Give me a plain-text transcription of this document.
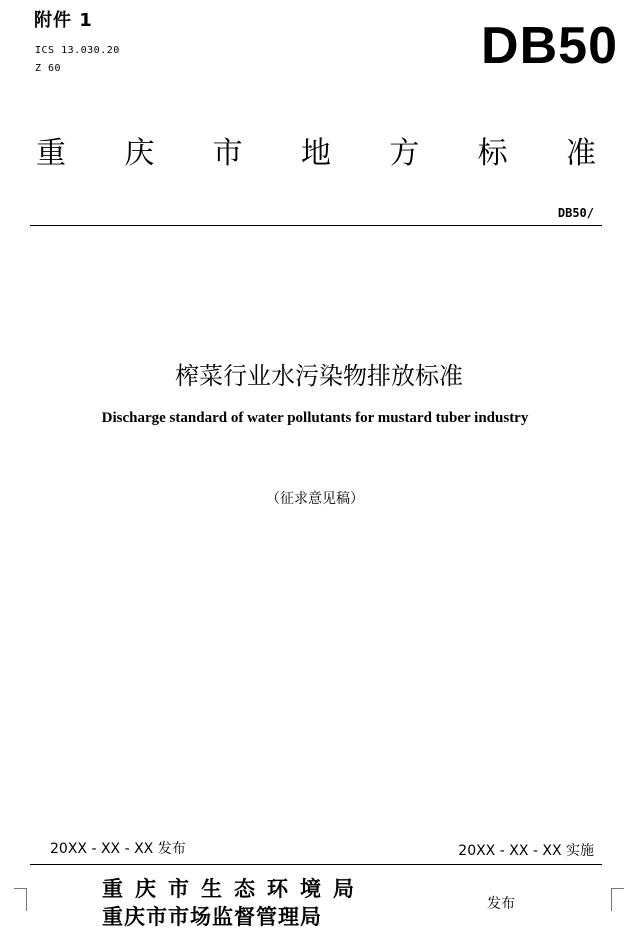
附件 1
ICS 13.030.20
Z 60	DB50
重 庆 市 地 方 标 准
DB50/
榨菜行业水污染物排放标准
Discharge standard of water pollutants for mustard tuber industry
（征求意见稿）
20XX - XX - XX 发布	20XX - XX - XX 实施
重庆市生态环境局
重庆市市场监督管理局	发布
